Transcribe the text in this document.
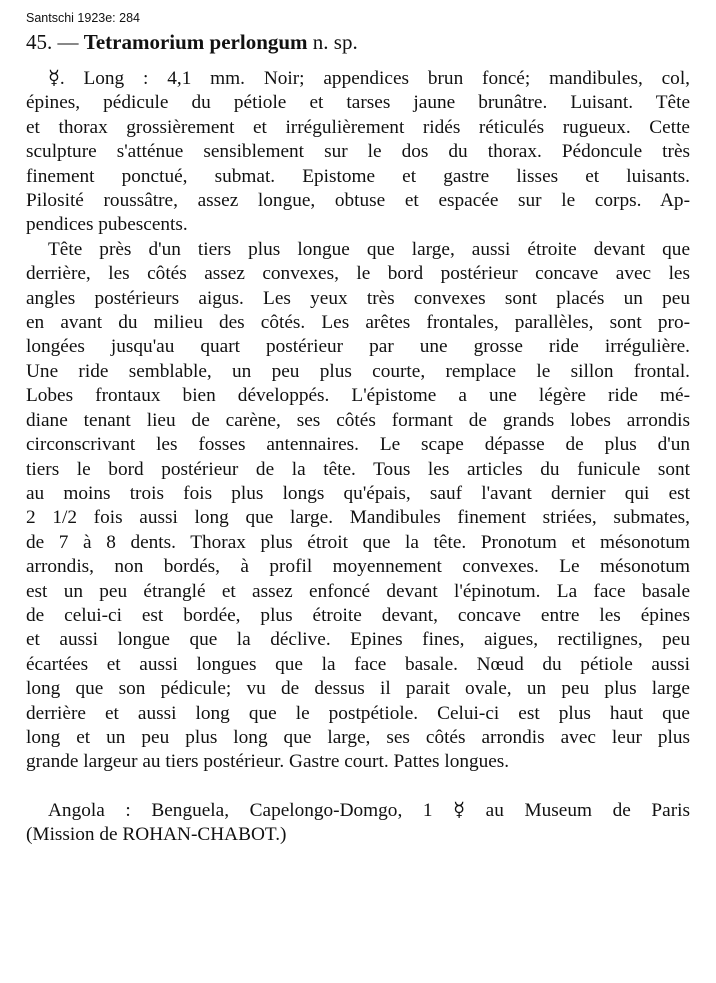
Santschi 1923e: 284
45. — Tetramorium perlongum n. sp.
☿. Long : 4,1 mm. Noir; appendices brun foncé; mandibules, col,
épines, pédicule du pétiole et tarses jaune brunâtre. Luisant. Tête
et thorax grossièrement et irrégulièrement ridés réticulés rugueux. Cette
sculpture s'atténue sensiblement sur le dos du thorax. Pédoncule très
finement ponctué, submat. Epistome et gastre lisses et luisants.
Pilosité roussâtre, assez longue, obtuse et espacée sur le corps. Ap-
pendices pubescents.
Tête près d'un tiers plus longue que large, aussi étroite devant que
derrière, les côtés assez convexes, le bord postérieur concave avec les
angles postérieurs aigus. Les yeux très convexes sont placés un peu
en avant du milieu des côtés. Les arêtes frontales, parallèles, sont pro-
longées jusqu'au quart postérieur par une grosse ride irrégulière.
Une ride semblable, un peu plus courte, remplace le sillon frontal.
Lobes frontaux bien développés. L'épistome a une légère ride mé-
diane tenant lieu de carène, ses côtés formant de grands lobes arrondis
circonscrivant les fosses antennaires. Le scape dépasse de plus d'un
tiers le bord postérieur de la tête. Tous les articles du funicule sont
au moins trois fois plus longs qu'épais, sauf l'avant dernier qui est
2 1/2 fois aussi long que large. Mandibules finement striées, submates,
de 7 à 8 dents. Thorax plus étroit que la tête. Pronotum et mésonotum
arrondis, non bordés, à profil moyennement convexes. Le mésonotum
est un peu étranglé et assez enfoncé devant l'épinotum. La face basale
de celui-ci est bordée, plus étroite devant, concave entre les épines
et aussi longue que la déclive. Epines fines, aigues, rectilignes, peu
écartées et aussi longues que la face basale. Nœud du pétiole aussi
long que son pédicule; vu de dessus il parait ovale, un peu plus large
derrière et aussi long que le postpétiole. Celui-ci est plus haut que
long et un peu plus long que large, ses côtés arrondis avec leur plus
grande largeur au tiers postérieur. Gastre court. Pattes longues.
Angola : Benguela, Capelongo-Domgo, 1 ☿ au Museum de Paris
(Mission de ROHAN-CHABOT.)
